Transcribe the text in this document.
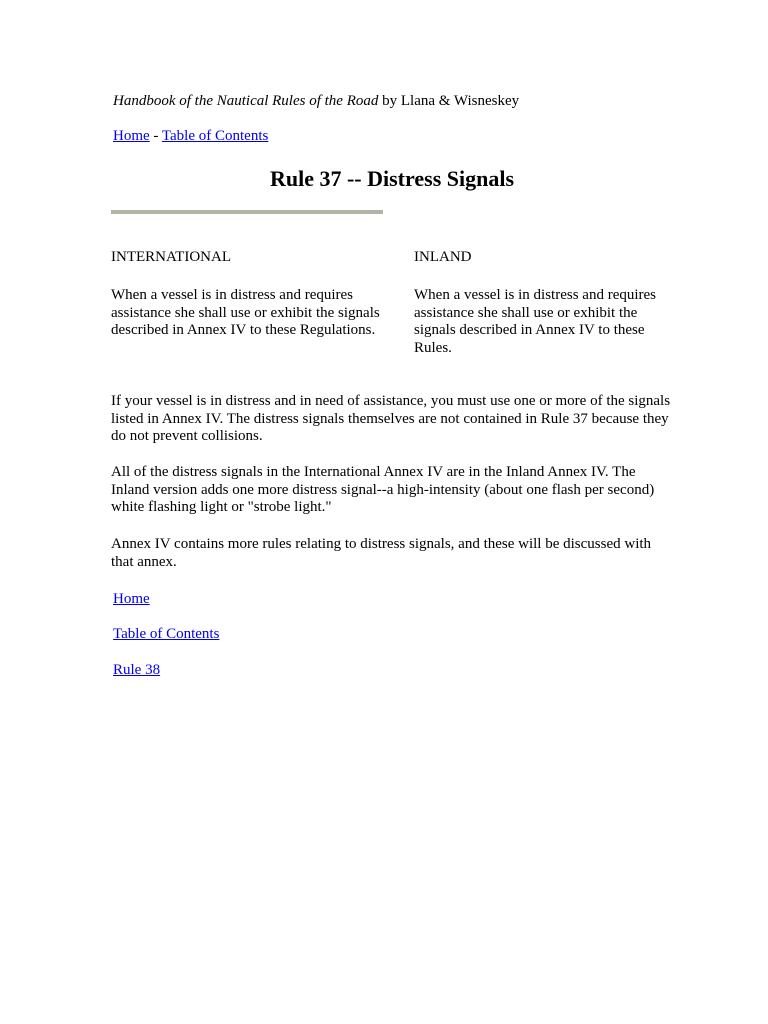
Handbook of the Nautical Rules of the Road by Llana & Wisneskey
Home - Table of Contents
Rule 37 -- Distress Signals
INTERNATIONAL	INLAND
When a vessel is in distress and requires assistance she shall use or exhibit the signals described in Annex IV to these Regulations.
When a vessel is in distress and requires assistance she shall use or exhibit the signals described in Annex IV to these Rules.

If your vessel is in distress and in need of assistance, you must use one or more of the signals listed in Annex IV. The distress signals themselves are not contained in Rule 37 because they do not prevent collisions.

All of the distress signals in the International Annex IV are in the Inland Annex IV. The Inland version adds one more distress signal--a high-intensity (about one flash per second) white flashing light or "strobe light."

Annex IV contains more rules relating to distress signals, and these will be discussed with that annex.

Home
Table of Contents
Rule 38
